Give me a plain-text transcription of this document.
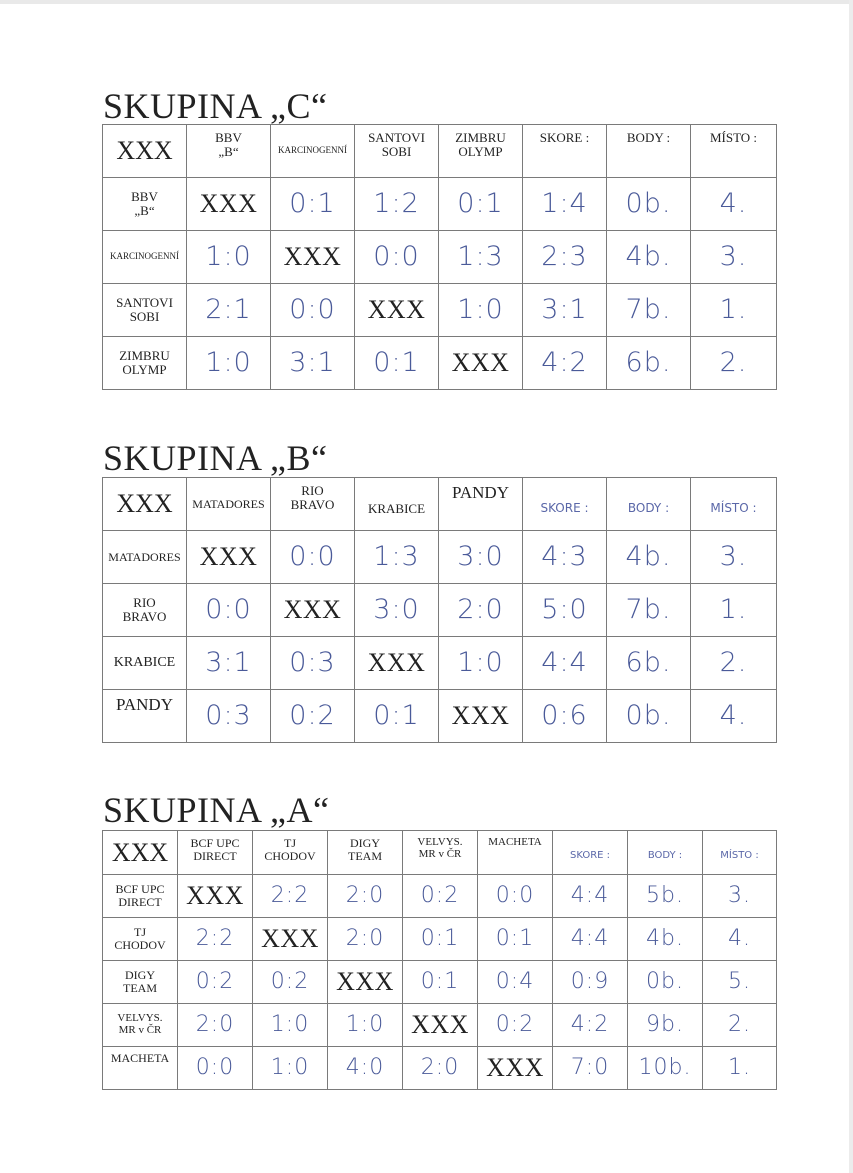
SKUPINA „C“
XXX	BBV
„B“	KARCINOGENNÍ	SANTOVI
SOBI	ZIMBRU
OLYMP	SKORE :	BODY :	MÍSTO :

BBV
„B“	XXX	0:1	1:2	0:1	1:4	0b.	4.
KARCINOGENNÍ	1:0	XXX	0:0	1:3	2:3	4b.	3.

SANTOVI
SOBI	2:1	0:0	XXX	1:0	3:1	7b.	1.

ZIMBRU
OLYMP	1:0	3:1	0:1	XXX	4:2	6b.	2.
SKUPINA „B“
XXX	MATADORES	RIO
BRAVO	KRABICE	PANDY	SKORE :	BODY :	MÍSTO :
MATADORES	XXX	0:0	1:3	3:0	4:3	4b.	3.

RIO
BRAVO	0:0	XXX	3:0	2:0	5:0	7b.	1.
KRABICE	3:1	0:3	XXX	1:0	4:4	6b.	2.
PANDY	0:3	0:2	0:1	XXX	0:6	0b.	4.
SKUPINA „A“
XXX	BCF UPC
DIRECT	TJ
CHODOV	DIGY
TEAM	VELVYS.
MR v ČR	MACHETA	SKORE :	BODY :	MÍSTO :

BCF UPC
DIRECT	XXX	2:2	2:0	0:2	0:0	4:4	5b.	3.

TJ
CHODOV	2:2	XXX	2:0	0:1	0:1	4:4	4b.	4.

DIGY
TEAM	0:2	0:2	XXX	0:1	0:4	0:9	0b.	5.

VELVYS.
MR v ČR	2:0	1:0	1:0	XXX	0:2	4:2	9b.	2.
MACHETA	0:0	1:0	4:0	2:0	XXX	7:0	10b.	1.
